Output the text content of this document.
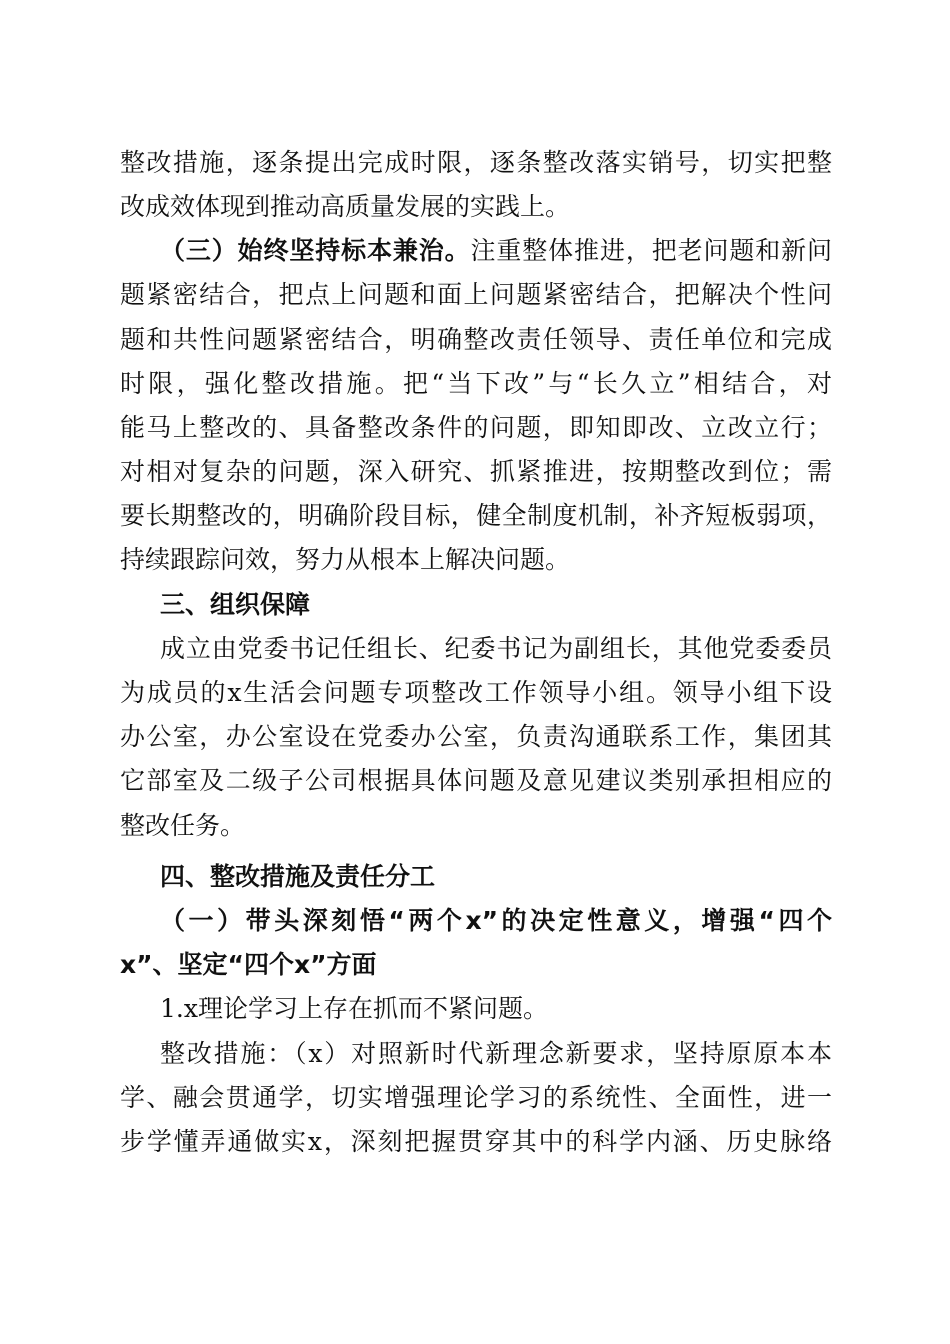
整改措施，逐条提出完成时限，逐条整改落实销号，切实把整

改成效体现到推动高质量发展的实践上。

（三）始终坚持标本兼治。注重整体推进，把老问题和新问

题紧密结合，把点上问题和面上问题紧密结合，把解决个性问

题和共性问题紧密结合，明确整改责任领导、责任单位和完成

时限，强化整改措施。把“当下改”与“长久立”相结合，对

能马上整改的、具备整改条件的问题，即知即改、立改立行；

对相对复杂的问题，深入研究、抓紧推进，按期整改到位；需

要长期整改的，明确阶段目标，健全制度机制，补齐短板弱项，

持续跟踪问效，努力从根本上解决问题。

三、组织保障

成立由党委书记任组长、纪委书记为副组长，其他党委委员

为成员的x生活会问题专项整改工作领导小组。领导小组下设

办公室，办公室设在党委办公室，负责沟通联系工作，集团其

它部室及二级子公司根据具体问题及意见建议类别承担相应的

整改任务。

四、整改措施及责任分工

（一）带头深刻悟“两个x”的决定性意义，增强“四个

x”、坚定“四个x”方面

1.x理论学习上存在抓而不紧问题。

整改措施：（x）对照新时代新理念新要求，坚持原原本本

学、融会贯通学，切实增强理论学习的系统性、全面性，进一

步学懂弄通做实x，深刻把握贯穿其中的科学内涵、历史脉络
